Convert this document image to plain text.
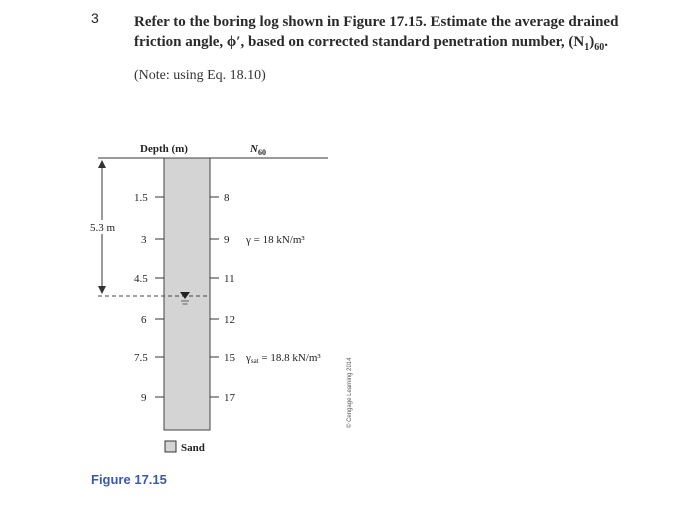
3 Refer to the boring log shown in Figure 17.15. Estimate the average drained
friction angle, ϕ′, based on corrected standard penetration number, $(N_1)_{60}$.
(Note: using Eq. 18.10)
Depth (m)	$N_{60}$
5.3 m
1.5
3
4.5
6
7.5
9
8
9
11
12
15
17
γ = 18 kN/m³
γsat = 18.8 kN/m³
Sand
© Cengage Learning 2014
Figure 17.15
